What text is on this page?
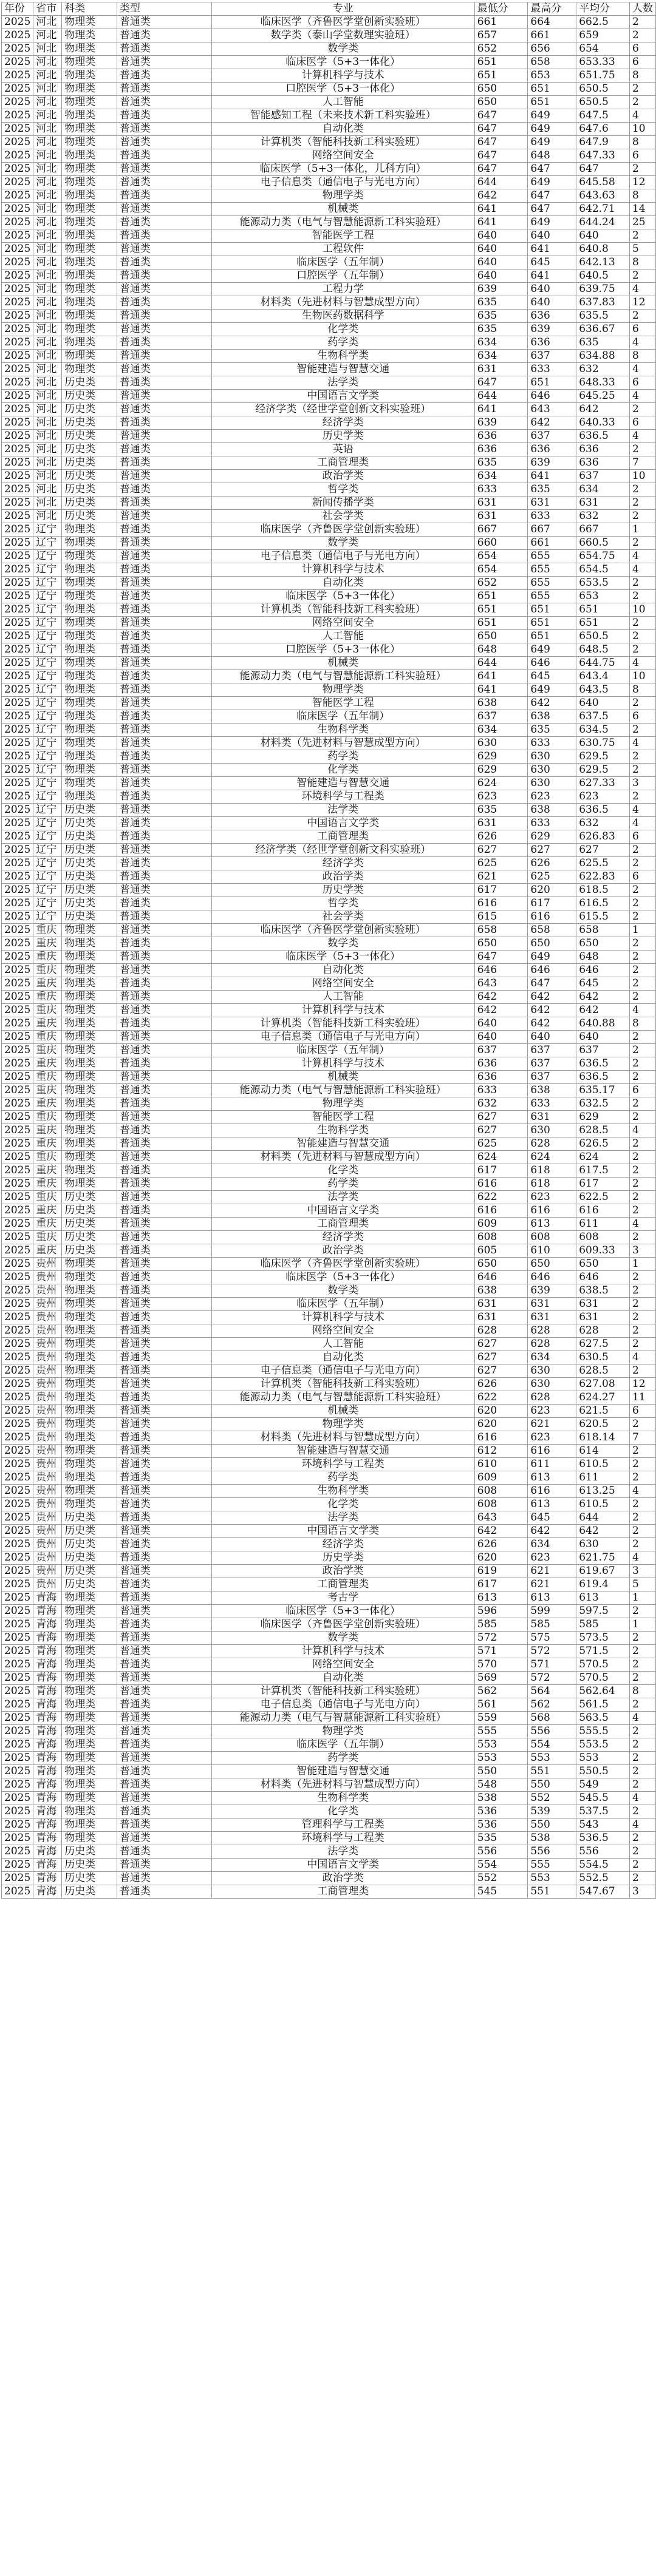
年份	省市	科类	类型	专业	最低分	最高分	平均分	人数
2025	河北	物理类	普通类	临床医学（齐鲁医学堂创新实验班）	661	664	662.5	2
2025	河北	物理类	普通类	数学类（泰山学堂数理实验班）	657	661	659	2
2025	河北	物理类	普通类	数学类	652	656	654	6
2025	河北	物理类	普通类	临床医学（5+3一体化）	651	658	653.33	6
2025	河北	物理类	普通类	计算机科学与技术	651	653	651.75	8
2025	河北	物理类	普通类	口腔医学（5+3一体化）	650	651	650.5	2
2025	河北	物理类	普通类	人工智能	650	651	650.5	2
2025	河北	物理类	普通类	智能感知工程（未来技术新工科实验班）	647	649	647.5	4
2025	河北	物理类	普通类	自动化类	647	649	647.6	10
2025	河北	物理类	普通类	计算机类（智能科技新工科实验班）	647	649	647.9	8
2025	河北	物理类	普通类	网络空间安全	647	648	647.33	6
2025	河北	物理类	普通类	临床医学（5+3一体化，儿科方向）	647	647	647	2
2025	河北	物理类	普通类	电子信息类（通信电子与光电方向）	644	649	645.58	12
2025	河北	物理类	普通类	物理学类	642	647	643.63	8
2025	河北	物理类	普通类	机械类	641	647	642.71	14
2025	河北	物理类	普通类	能源动力类（电气与智慧能源新工科实验班）	641	649	644.24	25
2025	河北	物理类	普通类	智能医学工程	640	640	640	2
2025	河北	物理类	普通类	工程软件	640	641	640.8	5
2025	河北	物理类	普通类	临床医学（五年制）	640	645	642.13	8
2025	河北	物理类	普通类	口腔医学（五年制）	640	641	640.5	2
2025	河北	物理类	普通类	工程力学	639	640	639.75	4
2025	河北	物理类	普通类	材料类（先进材料与智慧成型方向）	635	640	637.83	12
2025	河北	物理类	普通类	生物医药数据科学	635	636	635.5	2
2025	河北	物理类	普通类	化学类	635	639	636.67	6
2025	河北	物理类	普通类	药学类	634	636	635	4
2025	河北	物理类	普通类	生物科学类	634	637	634.88	8
2025	河北	物理类	普通类	智能建造与智慧交通	631	633	632	4
2025	河北	历史类	普通类	法学类	647	651	648.33	6
2025	河北	历史类	普通类	中国语言文学类	644	646	645.25	4
2025	河北	历史类	普通类	经济学类（经世学堂创新文科实验班）	641	643	642	2
2025	河北	历史类	普通类	经济学类	639	642	640.33	6
2025	河北	历史类	普通类	历史学类	636	637	636.5	4
2025	河北	历史类	普通类	英语	636	636	636	2
2025	河北	历史类	普通类	工商管理类	635	639	636	7
2025	河北	历史类	普通类	政治学类	634	641	637	10
2025	河北	历史类	普通类	哲学类	633	635	634	2
2025	河北	历史类	普通类	新闻传播学类	631	631	631	2
2025	河北	历史类	普通类	社会学类	631	633	632	2
2025	辽宁	物理类	普通类	临床医学（齐鲁医学堂创新实验班）	667	667	667	1
2025	辽宁	物理类	普通类	数学类	660	661	660.5	2
2025	辽宁	物理类	普通类	电子信息类（通信电子与光电方向）	654	655	654.75	4
2025	辽宁	物理类	普通类	计算机科学与技术	654	655	654.5	4
2025	辽宁	物理类	普通类	自动化类	652	655	653.5	2
2025	辽宁	物理类	普通类	临床医学（5+3一体化）	651	655	653	2
2025	辽宁	物理类	普通类	计算机类（智能科技新工科实验班）	651	651	651	10
2025	辽宁	物理类	普通类	网络空间安全	651	651	651	2
2025	辽宁	物理类	普通类	人工智能	650	651	650.5	2
2025	辽宁	物理类	普通类	口腔医学（5+3一体化）	648	649	648.5	2
2025	辽宁	物理类	普通类	机械类	644	646	644.75	4
2025	辽宁	物理类	普通类	能源动力类（电气与智慧能源新工科实验班）	641	645	643.4	10
2025	辽宁	物理类	普通类	物理学类	641	649	643.5	8
2025	辽宁	物理类	普通类	智能医学工程	638	642	640	2
2025	辽宁	物理类	普通类	临床医学（五年制）	637	638	637.5	6
2025	辽宁	物理类	普通类	生物科学类	634	635	634.5	2
2025	辽宁	物理类	普通类	材料类（先进材料与智慧成型方向）	630	633	630.75	4
2025	辽宁	物理类	普通类	药学类	629	630	629.5	2
2025	辽宁	物理类	普通类	化学类	629	630	629.5	2
2025	辽宁	物理类	普通类	智能建造与智慧交通	624	630	627.33	3
2025	辽宁	物理类	普通类	环境科学与工程类	623	623	623	2
2025	辽宁	历史类	普通类	法学类	635	638	636.5	4
2025	辽宁	历史类	普通类	中国语言文学类	631	633	632	4
2025	辽宁	历史类	普通类	工商管理类	626	629	626.83	6
2025	辽宁	历史类	普通类	经济学类（经世学堂创新文科实验班）	627	627	627	2
2025	辽宁	历史类	普通类	经济学类	625	626	625.5	2
2025	辽宁	历史类	普通类	政治学类	621	625	622.83	6
2025	辽宁	历史类	普通类	历史学类	617	620	618.5	2
2025	辽宁	历史类	普通类	哲学类	616	617	616.5	2
2025	辽宁	历史类	普通类	社会学类	615	616	615.5	2
2025	重庆	物理类	普通类	临床医学（齐鲁医学堂创新实验班）	658	658	658	1
2025	重庆	物理类	普通类	数学类	650	650	650	2
2025	重庆	物理类	普通类	临床医学（5+3一体化）	647	649	648	2
2025	重庆	物理类	普通类	自动化类	646	646	646	2
2025	重庆	物理类	普通类	网络空间安全	643	647	645	2
2025	重庆	物理类	普通类	人工智能	642	642	642	2
2025	重庆	物理类	普通类	计算机科学与技术	642	642	642	4
2025	重庆	物理类	普通类	计算机类（智能科技新工科实验班）	640	642	640.88	8
2025	重庆	物理类	普通类	电子信息类（通信电子与光电方向）	640	640	640	2
2025	重庆	物理类	普通类	临床医学（五年制）	637	637	637	2
2025	重庆	物理类	普通类	计算机科学与技术	636	637	636.5	2
2025	重庆	物理类	普通类	机械类	636	637	636.5	2
2025	重庆	物理类	普通类	能源动力类（电气与智慧能源新工科实验班）	633	638	635.17	6
2025	重庆	物理类	普通类	物理学类	632	633	632.5	2
2025	重庆	物理类	普通类	智能医学工程	627	631	629	2
2025	重庆	物理类	普通类	生物科学类	627	630	628.5	4
2025	重庆	物理类	普通类	智能建造与智慧交通	625	628	626.5	2
2025	重庆	物理类	普通类	材料类（先进材料与智慧成型方向）	624	624	624	2
2025	重庆	物理类	普通类	化学类	617	618	617.5	2
2025	重庆	物理类	普通类	药学类	616	618	617	2
2025	重庆	历史类	普通类	法学类	622	623	622.5	2
2025	重庆	历史类	普通类	中国语言文学类	616	616	616	2
2025	重庆	历史类	普通类	工商管理类	609	613	611	4
2025	重庆	历史类	普通类	经济学类	608	608	608	2
2025	重庆	历史类	普通类	政治学类	605	610	609.33	3
2025	贵州	物理类	普通类	临床医学（齐鲁医学堂创新实验班）	650	650	650	1
2025	贵州	物理类	普通类	临床医学（5+3一体化）	646	646	646	2
2025	贵州	物理类	普通类	数学类	638	639	638.5	2
2025	贵州	物理类	普通类	临床医学（五年制）	631	631	631	2
2025	贵州	物理类	普通类	计算机科学与技术	631	631	631	2
2025	贵州	物理类	普通类	网络空间安全	628	628	628	2
2025	贵州	物理类	普通类	人工智能	627	628	627.5	2
2025	贵州	物理类	普通类	自动化类	627	634	630.5	4
2025	贵州	物理类	普通类	电子信息类（通信电子与光电方向）	627	630	628.5	2
2025	贵州	物理类	普通类	计算机类（智能科技新工科实验班）	626	630	627.08	12
2025	贵州	物理类	普通类	能源动力类（电气与智慧能源新工科实验班）	622	628	624.27	11
2025	贵州	物理类	普通类	机械类	620	623	621.5	6
2025	贵州	物理类	普通类	物理学类	620	621	620.5	2
2025	贵州	物理类	普通类	材料类（先进材料与智慧成型方向）	616	623	618.14	7
2025	贵州	物理类	普通类	智能建造与智慧交通	612	616	614	2
2025	贵州	物理类	普通类	环境科学与工程类	610	611	610.5	2
2025	贵州	物理类	普通类	药学类	609	613	611	2
2025	贵州	物理类	普通类	生物科学类	608	616	613.25	4
2025	贵州	物理类	普通类	化学类	608	613	610.5	2
2025	贵州	历史类	普通类	法学类	643	645	644	2
2025	贵州	历史类	普通类	中国语言文学类	642	642	642	2
2025	贵州	历史类	普通类	经济学类	626	634	630	2
2025	贵州	历史类	普通类	历史学类	620	623	621.75	4
2025	贵州	历史类	普通类	政治学类	619	621	619.67	3
2025	贵州	历史类	普通类	工商管理类	617	621	619.4	5
2025	青海	物理类	普通类	考古学	613	613	613	1
2025	青海	物理类	普通类	临床医学（5+3一体化）	596	599	597.5	2
2025	青海	物理类	普通类	临床医学（齐鲁医学堂创新实验班）	585	585	585	1
2025	青海	物理类	普通类	数学类	572	575	573.5	2
2025	青海	物理类	普通类	计算机科学与技术	571	572	571.5	2
2025	青海	物理类	普通类	网络空间安全	570	571	570.5	2
2025	青海	物理类	普通类	自动化类	569	572	570.5	2
2025	青海	物理类	普通类	计算机类（智能科技新工科实验班）	562	564	562.64	8
2025	青海	物理类	普通类	电子信息类（通信电子与光电方向）	561	562	561.5	2
2025	青海	物理类	普通类	能源动力类（电气与智慧能源新工科实验班）	559	568	563.5	4
2025	青海	物理类	普通类	物理学类	555	556	555.5	2
2025	青海	物理类	普通类	临床医学（五年制）	553	554	553.5	2
2025	青海	物理类	普通类	药学类	553	553	553	2
2025	青海	物理类	普通类	智能建造与智慧交通	550	551	550.5	2
2025	青海	物理类	普通类	材料类（先进材料与智慧成型方向）	548	550	549	2
2025	青海	物理类	普通类	生物科学类	538	552	545.5	4
2025	青海	物理类	普通类	化学类	536	539	537.5	2
2025	青海	物理类	普通类	管理科学与工程类	536	550	543	4
2025	青海	物理类	普通类	环境科学与工程类	535	538	536.5	2
2025	青海	历史类	普通类	法学类	556	556	556	2
2025	青海	历史类	普通类	中国语言文学类	554	555	554.5	2
2025	青海	历史类	普通类	政治学类	552	553	552.5	2
2025	青海	历史类	普通类	工商管理类	545	551	547.67	3
